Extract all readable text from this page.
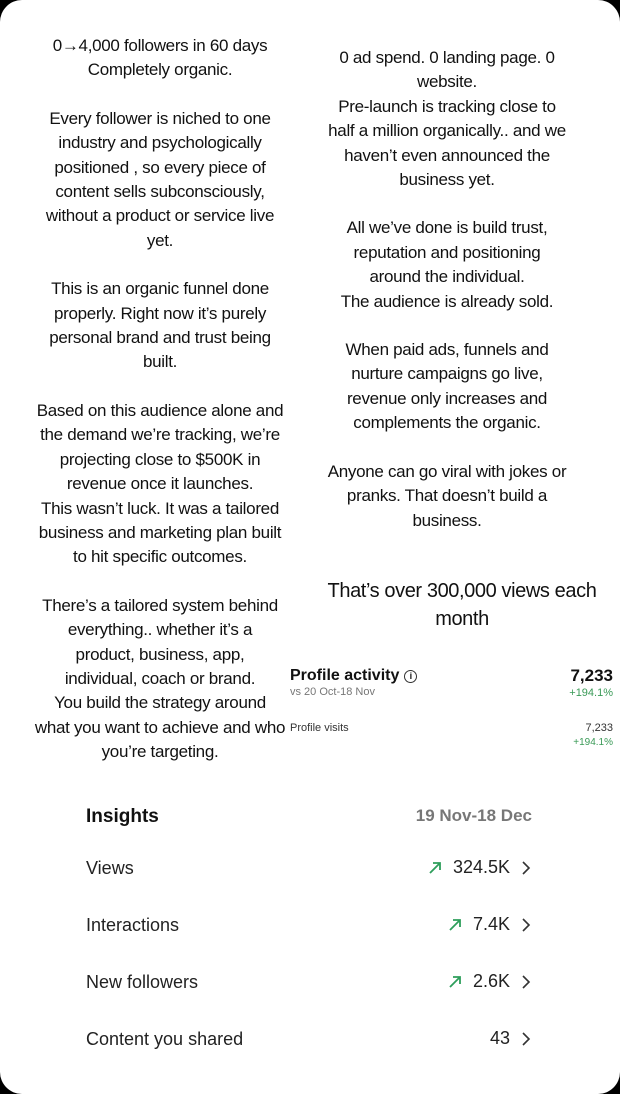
0→4,000 followers in 60 days
Completely organic.

Every follower is niched to one
industry and psychologically
positioned , so every piece of
content sells subconsciously,
without a product or service live
yet.

This is an organic funnel done
properly. Right now it’s purely
personal brand and trust being
built.

Based on this audience alone and
the demand we’re tracking, we’re
projecting close to $500K in
revenue once it launches.
This wasn’t luck. It was a tailored
business and marketing plan built
to hit specific outcomes.

There’s a tailored system behind
everything.. whether it’s a
product, business, app,
individual, coach or brand.
You build the strategy around
what you want to achieve and who
you’re targeting.

0 ad spend. 0 landing page. 0
website.
Pre-launch is tracking close to
half a million organically.. and we
haven’t even announced the
business yet.

All we’ve done is build trust,
reputation and positioning
around the individual.
The audience is already sold.

When paid ads, funnels and
nurture campaigns go live,
revenue only increases and
complements the organic.

Anyone can go viral with jokes or
pranks. That doesn’t build a
business.

That’s over 300,000 views each
month
Profile activity i
vs 20 Oct-18 Nov
7,233
+194.1%
Profile visits	7,233
+194.1%
Insights	19 Nov-18 Dec
Views	324.5K
Interactions	7.4K
New followers	2.6K
Content you shared	43
